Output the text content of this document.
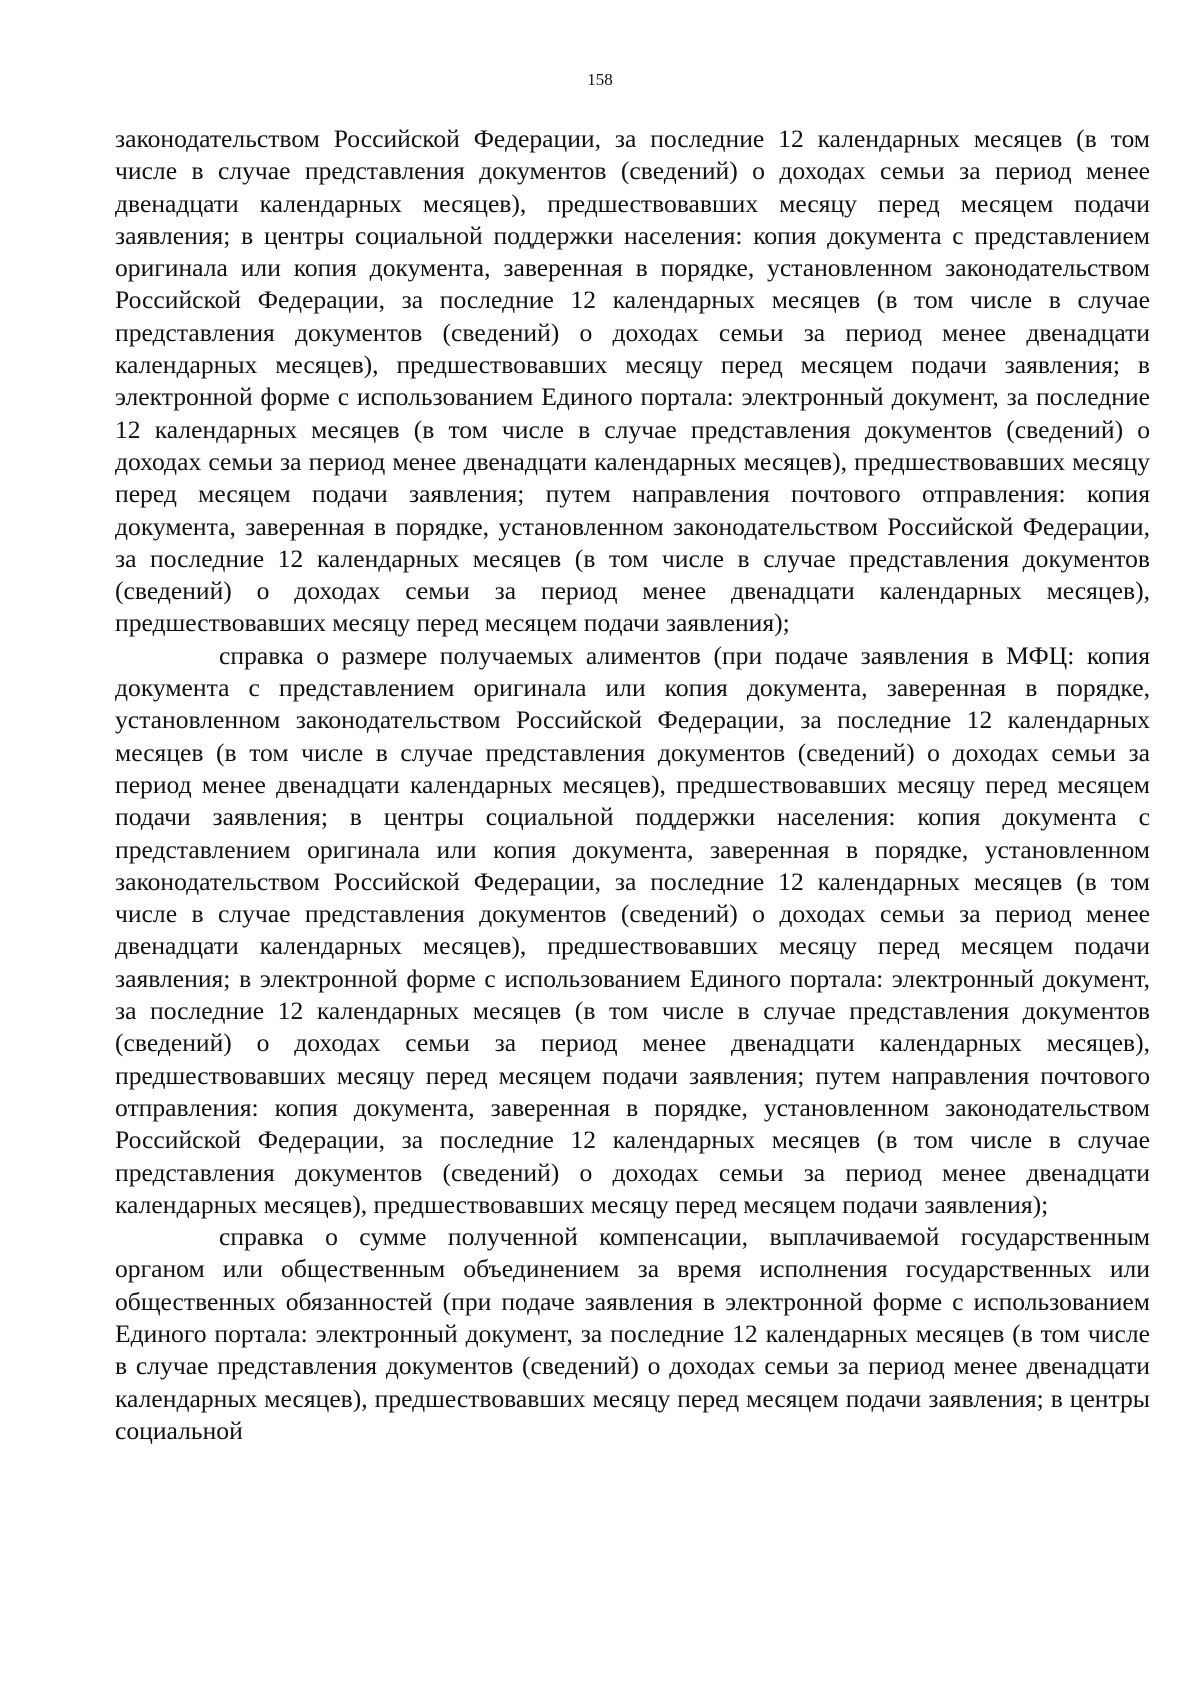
158

законодательством Российской Федерации, за последние 12 календарных месяцев (в том числе в случае представления документов (сведений) о доходах семьи за период менее двенадцати календарных месяцев), предшествовавших месяцу перед месяцем подачи заявления; в центры социальной поддержки населения: копия документа с представлением оригинала или копия документа, заверенная в порядке, установленном законодательством Российской Федерации, за последние 12 календарных месяцев (в том числе в случае представления документов (сведений) о доходах семьи за период менее двенадцати календарных месяцев), предшествовавших месяцу перед месяцем подачи заявления; в электронной форме с использованием Единого портала: электронный документ, за последние 12 календарных месяцев (в том числе в случае представления документов (сведений) о доходах семьи за период менее двенадцати календарных месяцев), предшествовавших месяцу перед месяцем подачи заявления; путем направления почтового отправления: копия документа, заверенная в порядке, установленном законодательством Российской Федерации, за последние 12 календарных месяцев (в том числе в случае представления документов (сведений) о доходах семьи за период менее двенадцати календарных месяцев), предшествовавших месяцу перед месяцем подачи заявления);

справка о размере получаемых алиментов (при подаче заявления в МФЦ: копия документа с представлением оригинала или копия документа, заверенная в порядке, установленном законодательством Российской Федерации, за последние 12 календарных месяцев (в том числе в случае представления документов (сведений) о доходах семьи за период менее двенадцати календарных месяцев), предшествовавших месяцу перед месяцем подачи заявления; в центры социальной поддержки населения: копия документа с представлением оригинала или копия документа, заверенная в порядке, установленном законодательством Российской Федерации, за последние 12 календарных месяцев (в том числе в случае представления документов (сведений) о доходах семьи за период менее двенадцати календарных месяцев), предшествовавших месяцу перед месяцем подачи заявления; в электронной форме с использованием Единого портала: электронный документ, за последние 12 календарных месяцев (в том числе в случае представления документов (сведений) о доходах семьи за период менее двенадцати календарных месяцев), предшествовавших месяцу перед месяцем подачи заявления; путем направления почтового отправления: копия документа, заверенная в порядке, установленном законодательством Российской Федерации, за последние 12 календарных месяцев (в том числе в случае представления документов (сведений) о доходах семьи за период менее двенадцати календарных месяцев), предшествовавших месяцу перед месяцем подачи заявления);

справка о сумме полученной компенсации, выплачиваемой государственным органом или общественным объединением за время исполнения государственных или общественных обязанностей (при подаче заявления в электронной форме с использованием Единого портала: электронный документ, за последние 12 календарных месяцев (в том числе в случае представления документов (сведений) о доходах семьи за период менее двенадцати календарных месяцев), предшествовавших месяцу перед месяцем подачи заявления; в центры социальной
